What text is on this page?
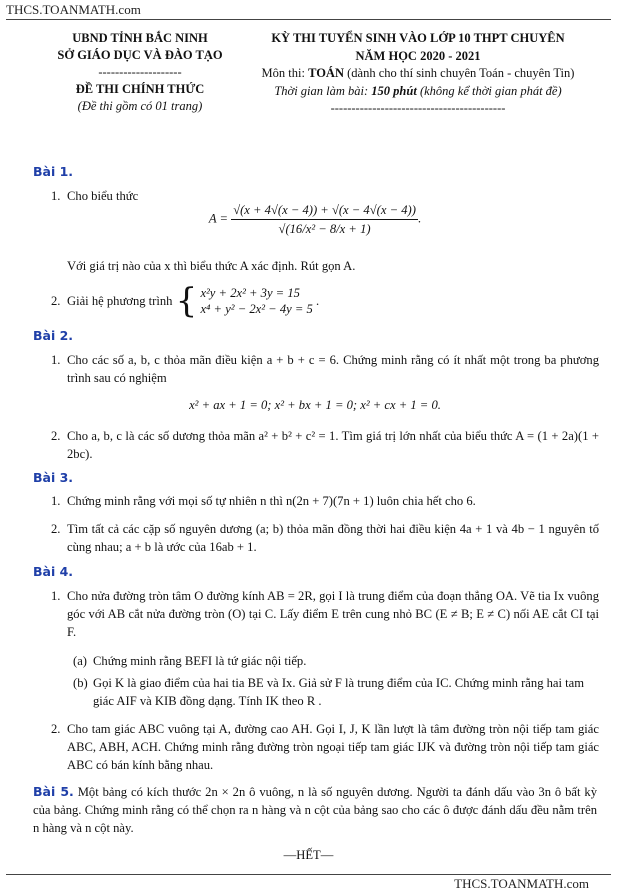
THCS.TOANMATH.com
UBND TỈNH BẮC NINH
SỞ GIÁO DỤC VÀ ĐÀO TẠO
--------------------
ĐỀ THI CHÍNH THỨC
(Đề thi gồm có 01 trang)
KỲ THI TUYỂN SINH VÀO LỚP 10 THPT CHUYÊN
NĂM HỌC 2020 - 2021
Môn thi: TOÁN (dành cho thí sinh chuyên Toán - chuyên Tin)
Thời gian làm bài: 150 phút (không kể thời gian phát đề)
------------------------------------------
Bài 1.
1. Cho biểu thức
$A = \frac{√(x + 4√(x - 4)) + √(x - 4√(x - 4))}{\text{√(16/x² − 8/x + 1)}}$ .
Với giá trị nào của x thì biểu thức A xác định. Rút gọn A.
2. Giải hệ phương trình { x²y + 2x² + 3y = 15
x⁴ + y² − 2x² − 4y = 5
.
Bài 2.
1. Cho các số a, b, c thỏa mãn điều kiện a + b + c = 6. Chứng minh rằng có ít nhất một trong ba phương trình sau có nghiệm
x² + ax + 1 = 0; x² + bx + 1 = 0; x² + cx + 1 = 0.
2. Cho a, b, c là các số dương thỏa mãn a² + b² + c² = 1. Tìm giá trị lớn nhất của biểu thức A = (1 + 2a)(1 + 2bc).
Bài 3.
1. Chứng minh rằng với mọi số tự nhiên n thì n(2n + 7)(7n + 1) luôn chia hết cho 6.
2. Tìm tất cả các cặp số nguyên dương (a; b) thỏa mãn đồng thời hai điều kiện 4a + 1 và 4b − 1 nguyên tố cùng nhau; a + b là ước của 16ab + 1.
Bài 4.
1. Cho nửa đường tròn tâm O đường kính AB = 2R, gọi I là trung điểm của đoạn thẳng OA. Vẽ tia Ix vuông góc với AB cắt nửa đường tròn (O) tại C. Lấy điểm E trên cung nhỏ BC (E ≠ B; E ≠ C) nối AE cắt CI tại F.
(a) Chứng minh rằng BEFI là tứ giác nội tiếp.
(b) Gọi K là giao điểm của hai tia BE và Ix. Giả sử F là trung điểm của IC. Chứng minh rằng hai tam giác AIF và KIB đồng dạng. Tính IK theo R .
2. Cho tam giác ABC vuông tại A, đường cao AH. Gọi I, J, K lần lượt là tâm đường tròn nội tiếp tam giác ABC, ABH, ACH. Chứng minh rằng đường tròn ngoại tiếp tam giác IJK và đường tròn nội tiếp tam giác ABC có bán kính bằng nhau.
Bài 5. Một bảng có kích thước 2n × 2n ô vuông, n là số nguyên dương. Người ta đánh dấu vào 3n ô bất kỳ của bảng. Chứng minh rằng có thể chọn ra n hàng và n cột của bảng sao cho các ô được đánh dấu đều nằm trên n hàng và n cột này.
—HẾT—
THCS.TOANMATH.com
